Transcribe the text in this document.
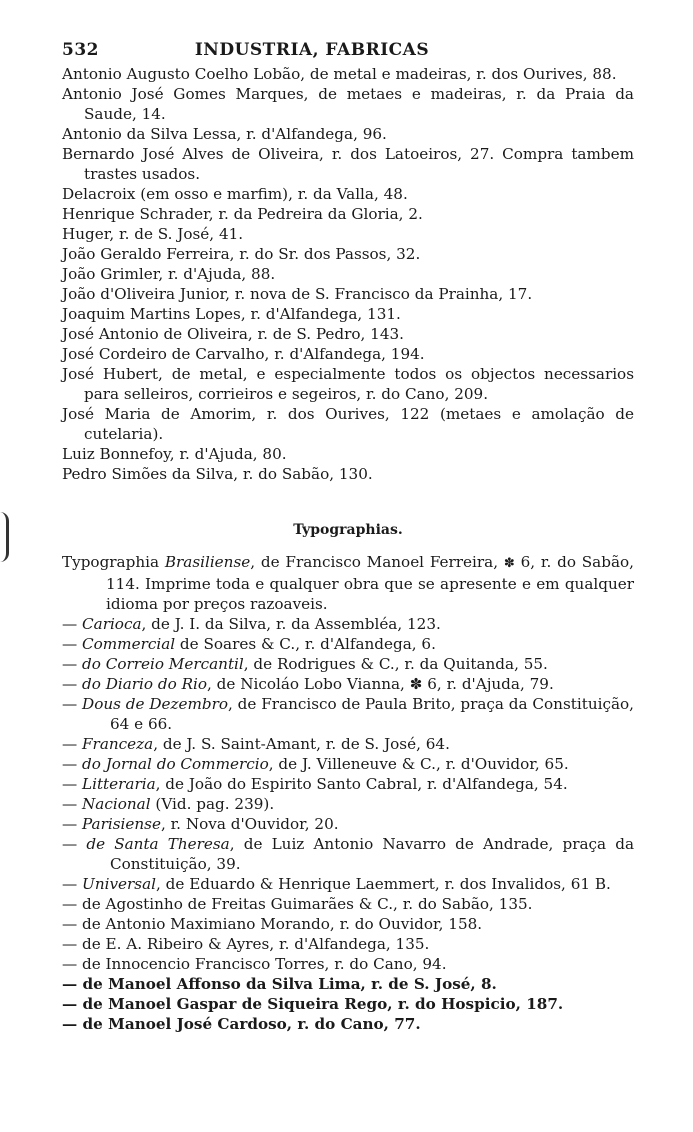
532	INDUSTRIA, FABRICAS

Antonio Augusto Coelho Lobão, de metal e madeiras, r. dos Ourives, 88.

Antonio José Gomes Marques, de metaes e madeiras, r. da Praia da Saude, 14.

Antonio da Silva Lessa, r. d'Alfandega, 96.

Bernardo José Alves de Oliveira, r. dos Latoeiros, 27. Compra tambem trastes usados.

Delacroix (em osso e marfim), r. da Valla, 48.

Henrique Schrader, r. da Pedreira da Gloria, 2.

Huger, r. de S. José, 41.

João Geraldo Ferreira, r. do Sr. dos Passos, 32.

João Grimler, r. d'Ajuda, 88.

João d'Oliveira Junior, r. nova de S. Francisco da Prainha, 17.

Joaquim Martins Lopes, r. d'Alfandega, 131.

José Antonio de Oliveira, r. de S. Pedro, 143.

José Cordeiro de Carvalho, r. d'Alfandega, 194.

José Hubert, de metal, e especialmente todos os objectos necessarios para selleiros, corrieiros e segeiros, r. do Cano, 209.

José Maria de Amorim, r. dos Ourives, 122 (metaes e amolação de cutelaria).

Luiz Bonnefoy, r. d'Ajuda, 80.

Pedro Simões da Silva, r. do Sabão, 130.

Typographias.

Typographia Brasiliense, de Francisco Manoel Ferreira, ✽ 6, r. do Sabão, 114. Imprime toda e qualquer obra que se apresente e em qualquer idioma por preços razoaveis.

— Carioca, de J. I. da Silva, r. da Assembléa, 123.

— Commercial de Soares & C., r. d'Alfandega, 6.

— do Correio Mercantil, de Rodrigues & C., r. da Quitanda, 55.

— do Diario do Rio, de Nicoláo Lobo Vianna, ✽ 6, r. d'Ajuda, 79.

— Dous de Dezembro, de Francisco de Paula Brito, praça da Constituição, 64 e 66.

— Franceza, de J. S. Saint-Amant, r. de S. José, 64.

— do Jornal do Commercio, de J. Villeneuve & C., r. d'Ouvidor, 65.

— Litteraria, de João do Espirito Santo Cabral, r. d'Alfandega, 54.

— Nacional (Vid. pag. 239).

— Parisiense, r. Nova d'Ouvidor, 20.

— de Santa Theresa, de Luiz Antonio Navarro de Andrade, praça da Constituição, 39.

— Universal, de Eduardo & Henrique Laemmert, r. dos Invalidos, 61 B.

— de Agostinho de Freitas Guimarães & C., r. do Sabão, 135.

— de Antonio Maximiano Morando, r. do Ouvidor, 158.

— de E. A. Ribeiro & Ayres, r. d'Alfandega, 135.

— de Innocencio Francisco Torres, r. do Cano, 94.

— de Manoel Affonso da Silva Lima, r. de S. José, 8.

— de Manoel Gaspar de Siqueira Rego, r. do Hospicio, 187.

— de Manoel José Cardoso, r. do Cano, 77.
